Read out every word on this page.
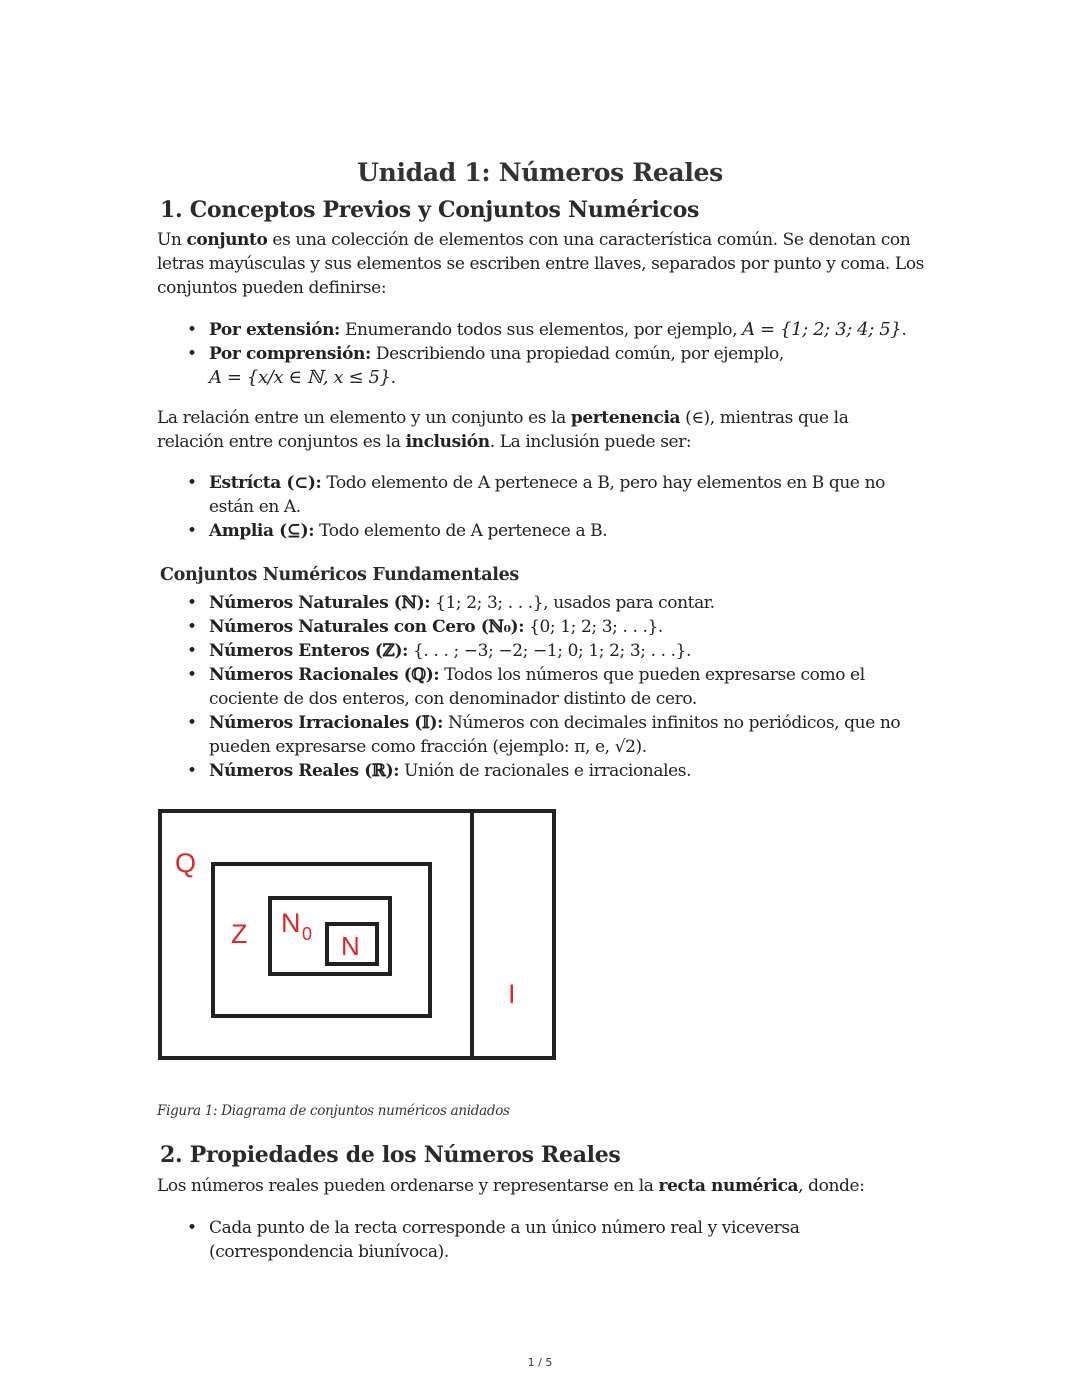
Unidad 1: Números Reales
1. Conceptos Previos y Conjuntos Numéricos
Un conjunto es una colección de elementos con una característica común. Se denotan con letras mayúsculas y sus elementos se escriben entre llaves, separados por punto y coma. Los conjuntos pueden definirse:
• Por extensión: Enumerando todos sus elementos, por ejemplo, A = {1; 2; 3; 4; 5}.
• Por comprensión: Describiendo una propiedad común, por ejemplo,
A = {x/x ∈ ℕ, x ≤ 5}.
La relación entre un elemento y un conjunto es la pertenencia (∈), mientras que la relación entre conjuntos es la inclusión. La inclusión puede ser:
• Estrícta (⊂): Todo elemento de A pertenece a B, pero hay elementos en B que no están en A.
• Amplia (⊆): Todo elemento de A pertenece a B.
Conjuntos Numéricos Fundamentales
• Números Naturales (ℕ): {1; 2; 3; . . .}, usados para contar.
• Números Naturales con Cero (ℕ₀): {0; 1; 2; 3; . . .}.
• Números Enteros (ℤ): {. . . ; −3; −2; −1; 0; 1; 2; 3; . . .}.
• Números Racionales (ℚ): Todos los números que pueden expresarse como el cociente de dos enteros, con denominador distinto de cero.
• Números Irracionales (𝕀): Números con decimales infinitos no periódicos, que no pueden expresarse como fracción (ejemplo: π, e, √2).
• Números Reales (ℝ): Unión de racionales e irracionales.
Q
Z N 0 N
I
Figura 1: Diagrama de conjuntos numéricos anidados
2. Propiedades de los Números Reales
Los números reales pueden ordenarse y representarse en la recta numérica, donde:
• Cada punto de la recta corresponde a un único número real y viceversa (correspondencia biunívoca).
1 / 5
